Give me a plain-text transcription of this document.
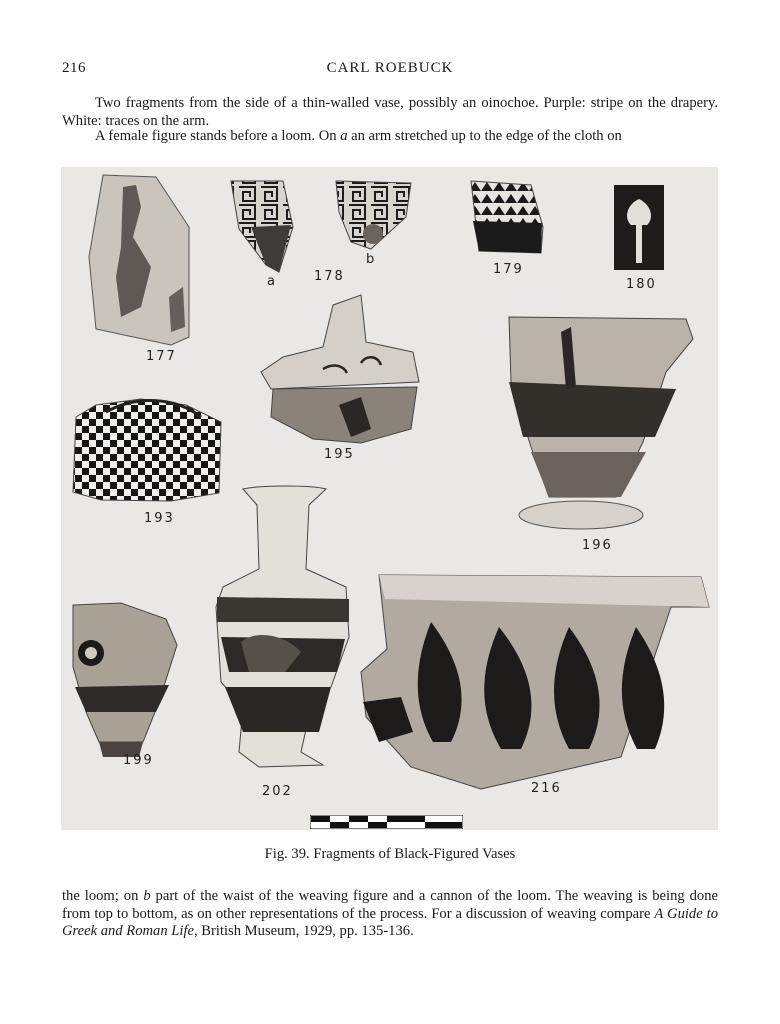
216	CARL ROEBUCK

Two fragments from the side of a thin-walled vase, possibly an oinochoe. Purple: stripe on the drapery. White: traces on the arm.

A female figure stands before a loom. On a an arm stretched up to the edge of the cloth on

177
a
b
178	179
180
195
196
193
202
199
216
Fig. 39. Fragments of Black-Figured Vases

the loom; on b part of the waist of the weaving figure and a cannon of the loom. The weaving is being done from top to bottom, as on other representations of the process. For a discussion of weaving compare A Guide to Greek and Roman Life, British Museum, 1929, pp. 135-136.
